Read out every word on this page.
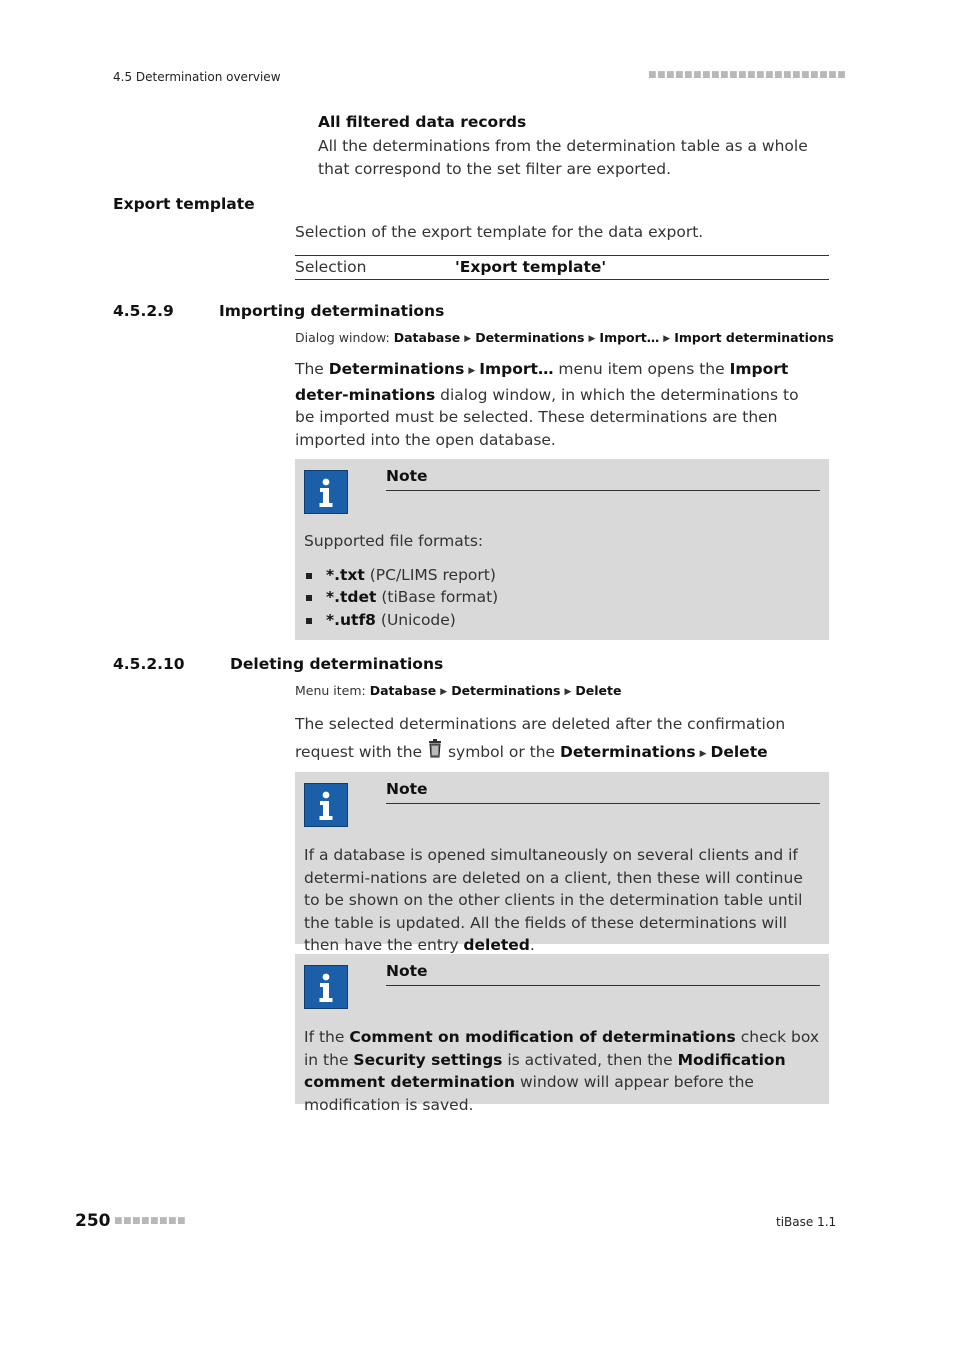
4.5 Determination overview	■■■■■■■■■■■■■■■■■■■■■■
All filtered data records
All the determinations from the determination table as a whole that correspond to the set filter are exported.
Export template
Selection of the export template for the data export.
Selection	'Export template'
4.5.2.9	Importing determinations
Dialog window: Database ▶ Determinations ▶ Import… ▶ Import determinations
The Determinations ▶ Import… menu item opens the Import deter-minations dialog window, in which the determinations to be imported must be selected. These determinations are then imported into the open database.
Note
Supported file formats:
*.txt (PC/LIMS report)
*.tdet (tiBase format)
*.utf8 (Unicode)
4.5.2.10	Deleting determinations
Menu item: Database ▶ Determinations ▶ Delete
The selected determinations are deleted after the confirmation request with the  symbol or the Determinations ▶ Delete
Note
If a database is opened simultaneously on several clients and if determi-nations are deleted on a client, then these will continue to be shown on the other clients in the determination table until the table is updated. All the fields of these determinations will then have the entry deleted.
Note
If the Comment on modification of determinations check box in the Security settings is activated, then the Modification comment determination window will appear before the modification is saved.
250 ■■■■■■■■	tiBase 1.1
